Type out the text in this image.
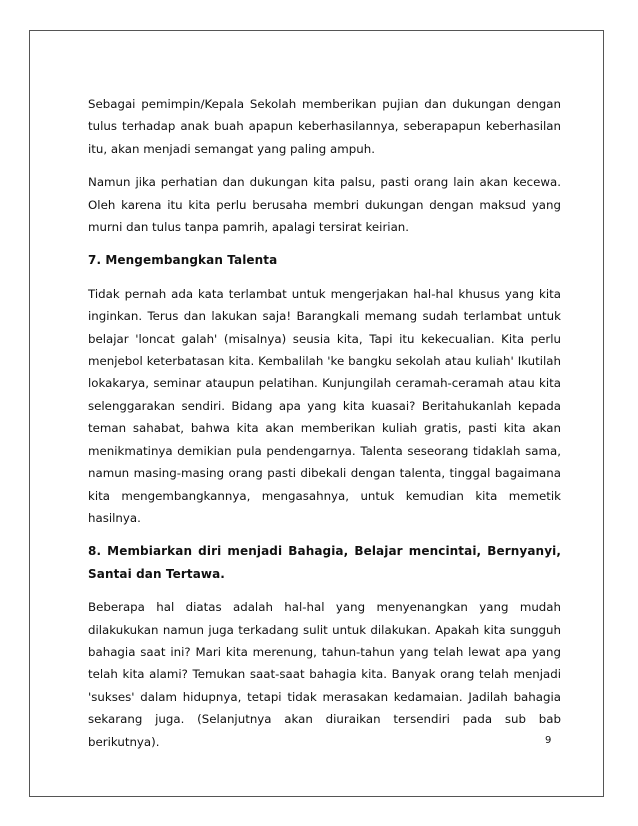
Sebagai pemimpin/Kepala Sekolah memberikan pujian dan dukungan dengan tulus terhadap anak buah apapun keberhasilannya, seberapapun keberhasilan itu, akan menjadi semangat yang paling ampuh.

Namun jika perhatian dan dukungan kita palsu, pasti orang lain akan kecewa. Oleh karena itu kita perlu berusaha membri dukungan dengan maksud yang murni dan tulus tanpa pamrih, apalagi tersirat keirian.

7. Mengembangkan Talenta

Tidak pernah ada kata terlambat untuk mengerjakan hal-hal khusus yang kita inginkan. Terus dan lakukan saja! Barangkali memang sudah terlambat untuk belajar 'loncat galah' (misalnya) seusia kita, Tapi itu kekecualian. Kita perlu menjebol keterbatasan kita. Kembalilah 'ke bangku sekolah atau kuliah' Ikutilah lokakarya, seminar ataupun pelatihan. Kunjungilah ceramah-ceramah atau kita selenggarakan sendiri. Bidang apa yang kita kuasai? Beritahukanlah kepada teman sahabat, bahwa kita akan memberikan kuliah gratis, pasti kita akan menikmatinya demikian pula pendengarnya. Talenta seseorang tidaklah sama, namun masing-masing orang pasti dibekali dengan talenta, tinggal bagaimana kita mengembangkannya, mengasahnya, untuk kemudian kita memetik hasilnya.

8. Membiarkan diri menjadi Bahagia, Belajar mencintai, Bernyanyi, Santai dan Tertawa.

Beberapa hal diatas adalah hal-hal yang menyenangkan yang mudah dilakukukan namun juga terkadang sulit untuk dilakukan. Apakah kita sungguh bahagia saat ini? Mari kita merenung, tahun-tahun yang telah lewat apa yang telah kita alami? Temukan saat-saat bahagia kita. Banyak orang telah menjadi 'sukses' dalam hidupnya, tetapi tidak merasakan kedamaian. Jadilah bahagia sekarang juga. (Selanjutnya akan diuraikan tersendiri pada sub bab berikutnya).	9
